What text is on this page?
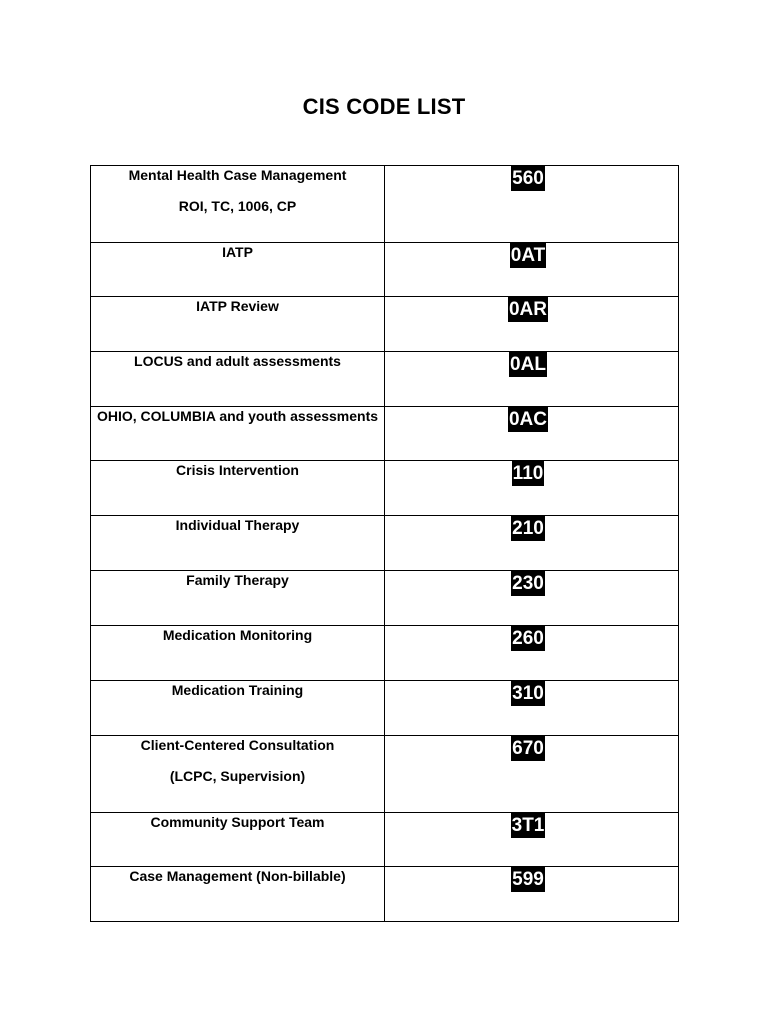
CIS CODE LIST
Mental Health Case Management
ROI, TC, 1006, CP	560

IATP	0AT

IATP Review	0AR

LOCUS and adult assessments	0AL

OHIO, COLUMBIA and youth assessments	0AC

Crisis Intervention	110

Individual Therapy	210

Family Therapy	230

Medication Monitoring	260

Medication Training	310

Client-Centered Consultation
(LCPC, Supervision)	670

Community Support Team	3T1

Case Management (Non-billable)	599
